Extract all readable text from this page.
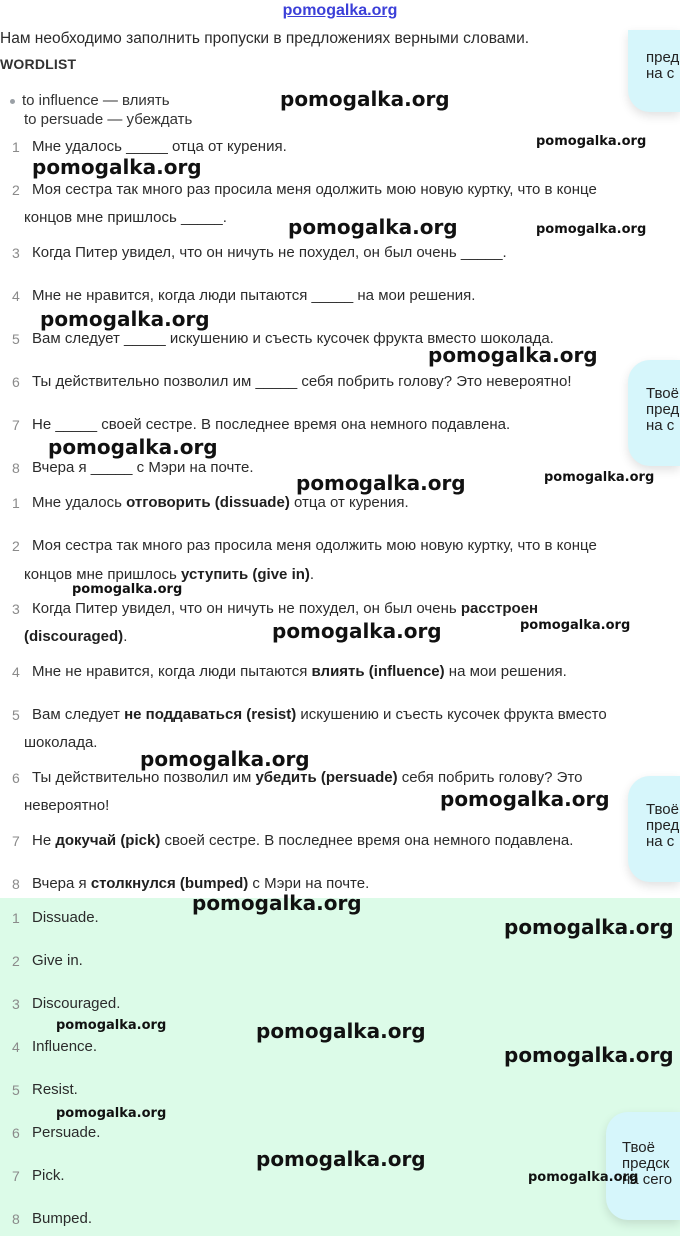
pomogalka.org
Нам необходимо заполнить пропуски в предложениях верными словами.
WORDLIST
to influence — влиять
to persuade — убеждать
1 Мне удалось _____ отца от курения.
2 Моя сестра так много раз просила меня одолжить мою новую куртку, что в конце
концов мне пришлось _____.
3 Когда Питер увидел, что он ничуть не похудел, он был очень _____.
4 Мне не нравится, когда люди пытаются _____ на мои решения.
5 Вам следует _____ искушению и съесть кусочек фрукта вместо шоколада.
6 Ты действительно позволил им _____ себя побрить голову? Это невероятно!
7 Не _____ своей сестре. В последнее время она немного подавлена.
8 Вчера я _____ с Мэри на почте.
1 Мне удалось отговорить (dissuade) отца от курения.
2 Моя сестра так много раз просила меня одолжить мою новую куртку, что в конце
концов мне пришлось уступить (give in).
3 Когда Питер увидел, что он ничуть не похудел, он был очень расстроен
(discouraged).
4 Мне не нравится, когда люди пытаются влиять (influence) на мои решения.
5 Вам следует не поддаваться (resist) искушению и съесть кусочек фрукта вместо
шоколада.
6 Ты действительно позволил им убедить (persuade) себя побрить голову? Это
невероятно!
7 Не докучай (pick) своей сестре. В последнее время она немного подавлена.
8 Вчера я столкнулся (bumped) с Мэри на почте.
1 Dissuade.
2 Give in.
3 Discouraged.
4 Influence.
5 Resist.
6 Persuade.
7 Pick.
8 Bumped.
пред
на с
Твоё
пред
на с
Твоё
пред
на с
Твоё
предск
на сего
pomogalka.org
pomogalka.org
pomogalka.org
pomogalka.org	pomogalka.org
pomogalka.org
pomogalka.org
pomogalka.org
pomogalka.org	pomogalka.org
pomogalka.org
pomogalka.org	pomogalka.org
pomogalka.org
pomogalka.org
pomogalka.org
pomogalka.org
pomogalka.org	pomogalka.org
pomogalka.org
pomogalka.org
pomogalka.org
pomogalka.org
